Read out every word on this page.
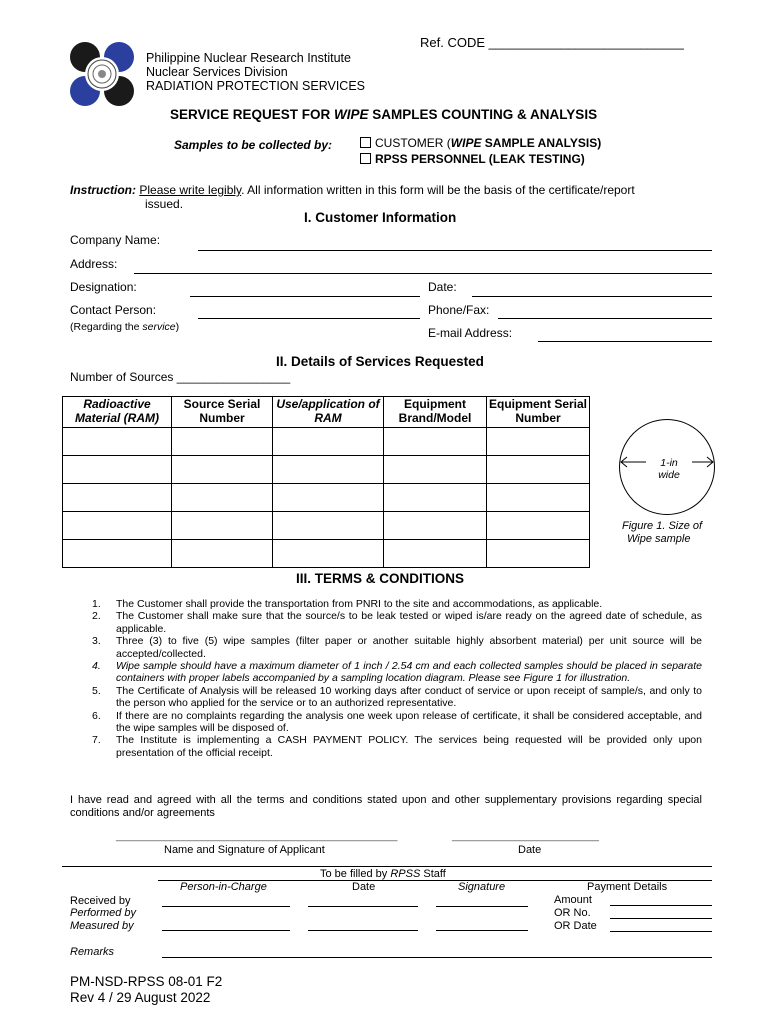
Ref. CODE ___________________________
Philippine Nuclear Research Institute
Nuclear Services Division
RADIATION PROTECTION SERVICES
SERVICE REQUEST FOR WIPE SAMPLES COUNTING & ANALYSIS
Samples to be collected by:	CUSTOMER (WIPE SAMPLE ANALYSIS)
RPSS PERSONNEL (LEAK TESTING)
Instruction: Please write legibly. All information written in this form will be the basis of the certificate/report
issued.
I. Customer Information
Company Name:
Address:
Designation:	Date:
Contact Person:	Phone/Fax:
(Regarding the service)	E-mail Address:
II. Details of Services Requested
Number of Sources _________________
Radioactive Material (RAM)	Source Serial Number	Use/application of RAM	Equipment Brand/Model	Equipment Serial Number

1-in
wide
Figure 1. Size of
Wipe sample
III. TERMS & CONDITIONS
1.	The Customer shall provide the transportation from PNRI to the site and accommodations, as applicable.
2.	The Customer shall make sure that the source/s to be leak tested or wiped is/are ready on the agreed date of schedule, as applicable.
3.	Three (3) to five (5) wipe samples (filter paper or another suitable highly absorbent material) per unit source will be accepted/collected.
4.	Wipe sample should have a maximum diameter of 1 inch / 2.54 cm and each collected samples should be placed in separate containers with proper labels accompanied by a sampling location diagram. Please see Figure 1 for illustration.
5.	The Certificate of Analysis will be released 10 working days after conduct of service or upon receipt of sample/s, and only to the person who applied for the service or to an authorized representative.
6.	If there are no complaints regarding the analysis one week upon release of certificate, it shall be considered acceptable, and the wipe samples will be disposed of.
7.	The Institute is implementing a CASH PAYMENT POLICY. The services being requested will be provided only upon presentation of the official receipt.
I have read and agreed with all the terms and conditions stated upon and other supplementary provisions regarding special conditions and/or agreements
______________________________________________	________________________
Name and Signature of Applicant	Date
To be filled by RPSS Staff
Person-in-Charge	Date	Signature	Payment Details
Received by
Performed by
Measured by
Amount
OR No.
OR Date
Remarks
PM-NSD-RPSS 08-01 F2
Rev 4 / 29 August 2022
